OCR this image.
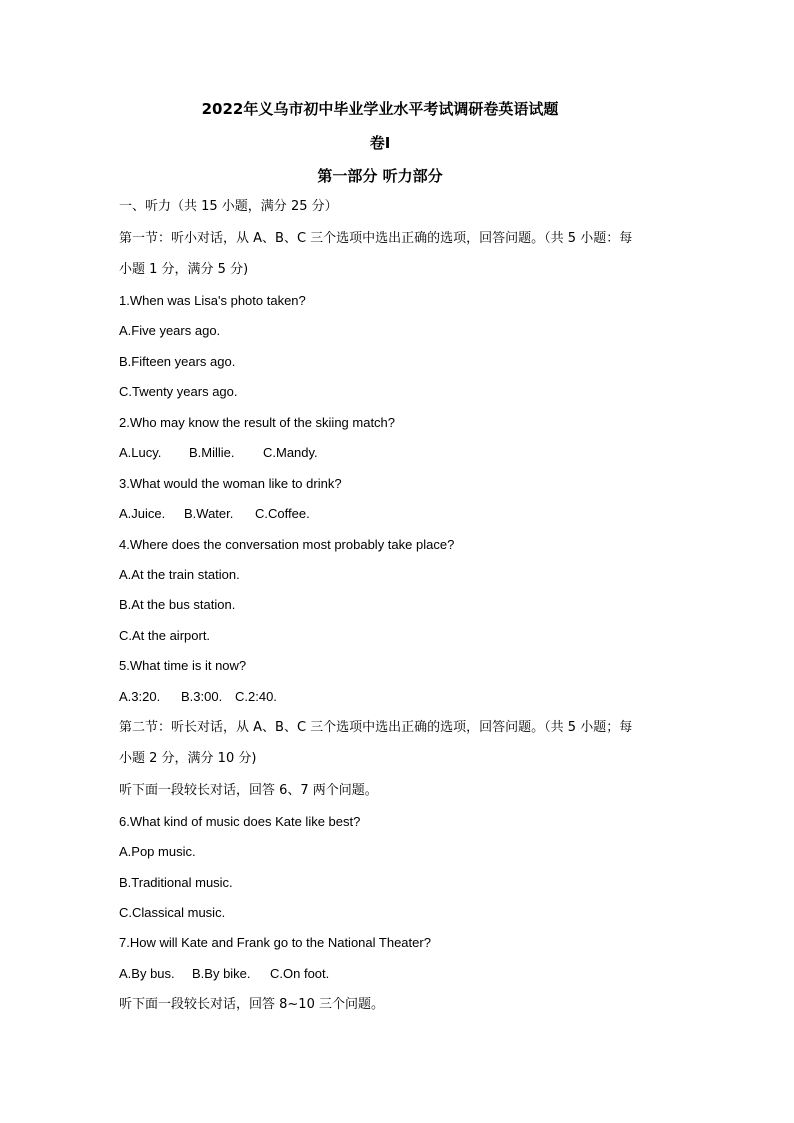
2022年义乌市初中毕业学业水平考试调研卷英语试题
卷Ⅰ
第一部分 听力部分
一、听力（共 15 小题，满分 25 分）
第一节：听小对话，从 A、B、C 三个选项中选出正确的选项，回答问题。（共 5 小题：每
小题 1 分，满分 5 分)
1.When was Lisa's photo taken?
A.Five years ago.
B.Fifteen years ago.
C.Twenty years ago.
2.Who may know the result of the skiing match?
A.Lucy. B.Millie. C.Mandy.
3.What would the woman like to drink?
A.Juice. B.Water. C.Coffee.
4.Where does the conversation most probably take place?
A.At the train station.
B.At the bus station.
C.At the airport.
5.What time is it now?
A.3:20. B.3:00. C.2:40.
第二节：听长对话，从 A、B、C 三个选项中选出正确的选项，回答问题。（共 5 小题；每
小题 2 分，满分 10 分)
听下面一段较长对话，回答 6、7 两个问题。
6.What kind of music does Kate like best?
A.Pop music.
B.Traditional music.
C.Classical music.
7.How will Kate and Frank go to the National Theater?
A.By bus. B.By bike. C.On foot.
听下面一段较长对话，回答 8~10 三个问题。
